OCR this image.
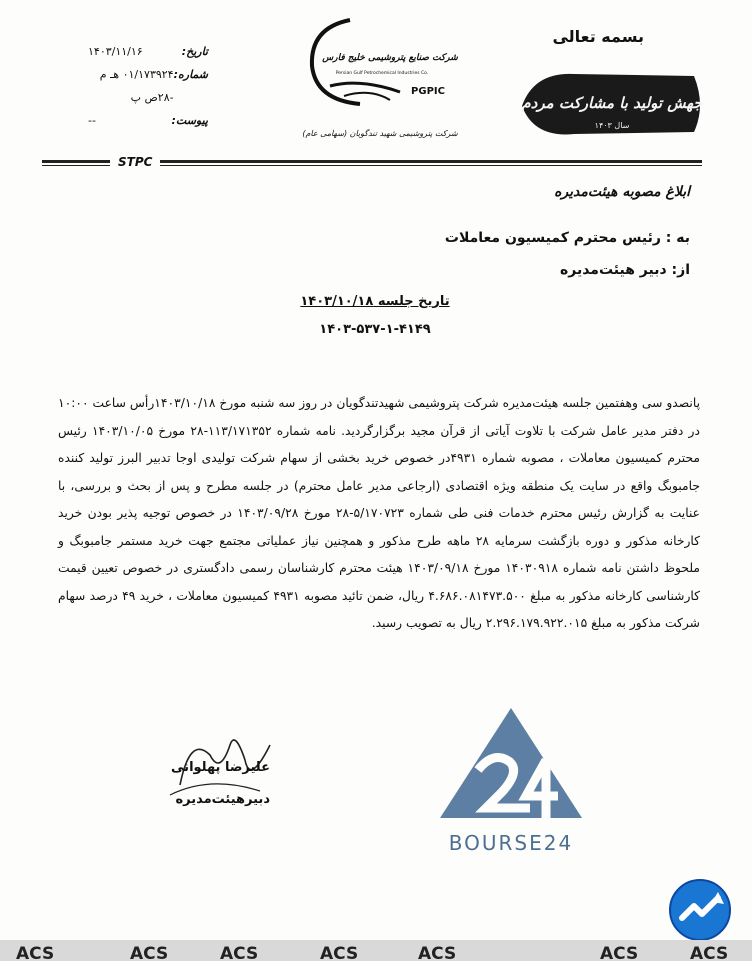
بسمه تعالی
جهش تولید با مشارکت مردم
سال ۱۴۰۳
تاریخ:
۱۴۰۳/۱۱/۱۶
شماره:
۰۱/۱۷۳۹۲۴ هـ م -۲۸ص پ
پیوست:
--
شرکت صنایع پتروشیمی خلیج فارس
Persian Gulf Petrochemical Industries Co.
PGPIC
شرکت پتروشیمی شهید تندگویان (سهامی عام)
STPC
ابلاغ مصوبه هیئت‌مدیره
به : رئیس محترم کمیسیون معاملات
از: دبیر هیئت‌مدیره
تاریخ جلسه ۱۴۰۳/۱۰/۱۸
۱۴۰۳-۵۳۷-۱-۴۱۴۹
پانصدو سی وهفتمین جلسه هیئت‌مدیره شرکت پتروشیمی شهیدتندگویان در روز سه شنبه مورخ ۱۴۰۳/۱۰/۱۸رأس ساعت ۱۰:۰۰ در دفتر مدیر عامل شرکت با تلاوت آیاتی از قرآن مجید برگزارگردید. نامه شماره ۱۱۳/۱۷۱۳۵۲-۲۸ مورخ ۱۴۰۳/۱۰/۰۵ رئیس محترم کمیسیون معاملات ، مصوبه شماره ۴۹۳۱در خصوص خرید بخشی از سهام شرکت تولیدی اوجا تدبیر البرز تولید کننده جامبوبگ واقع در سایت یک منطقه ویژه اقتصادی (ارجاعی مدیر عامل محترم) در جلسه مطرح و پس از بحث و بررسی، با عنایت به گزارش رئیس محترم خدمات فنی طی شماره ۵/۱۷۰۷۲۳-۲۸ مورخ ۱۴۰۳/۰۹/۲۸ در خصوص توجیه پذیر بودن خرید کارخانه مذکور و دوره بازگشت سرمایه ۲۸ ماهه طرح مذکور و همچنین نیاز عملیاتی مجتمع جهت خرید مستمر جامبوبگ و ملحوظ داشتن نامه شماره ۱۴۰۳۰۹۱۸ مورخ ۱۴۰۳/۰۹/۱۸ هیئت محترم کارشناسان رسمی دادگستری در خصوص تعیین قیمت کارشناسی کارخانه مذکور به مبلغ ۴.۶۸۶.۰۸۱۴۷۳.۵۰۰ ریال، ضمن تائید مصوبه ۴۹۳۱ کمیسیون معاملات ، خرید ۴۹ درصد سهام شرکت مذکور به مبلغ ۲.۲۹۶.۱۷۹.۹۲۲.۰۱۵ ریال به تصویب رسید.
علیرضا پهلوانی
دبیرهیئت‌مدیره
BOURSE24
ACS	ACS	ACS	ACS	ACS	ACS	ACS
